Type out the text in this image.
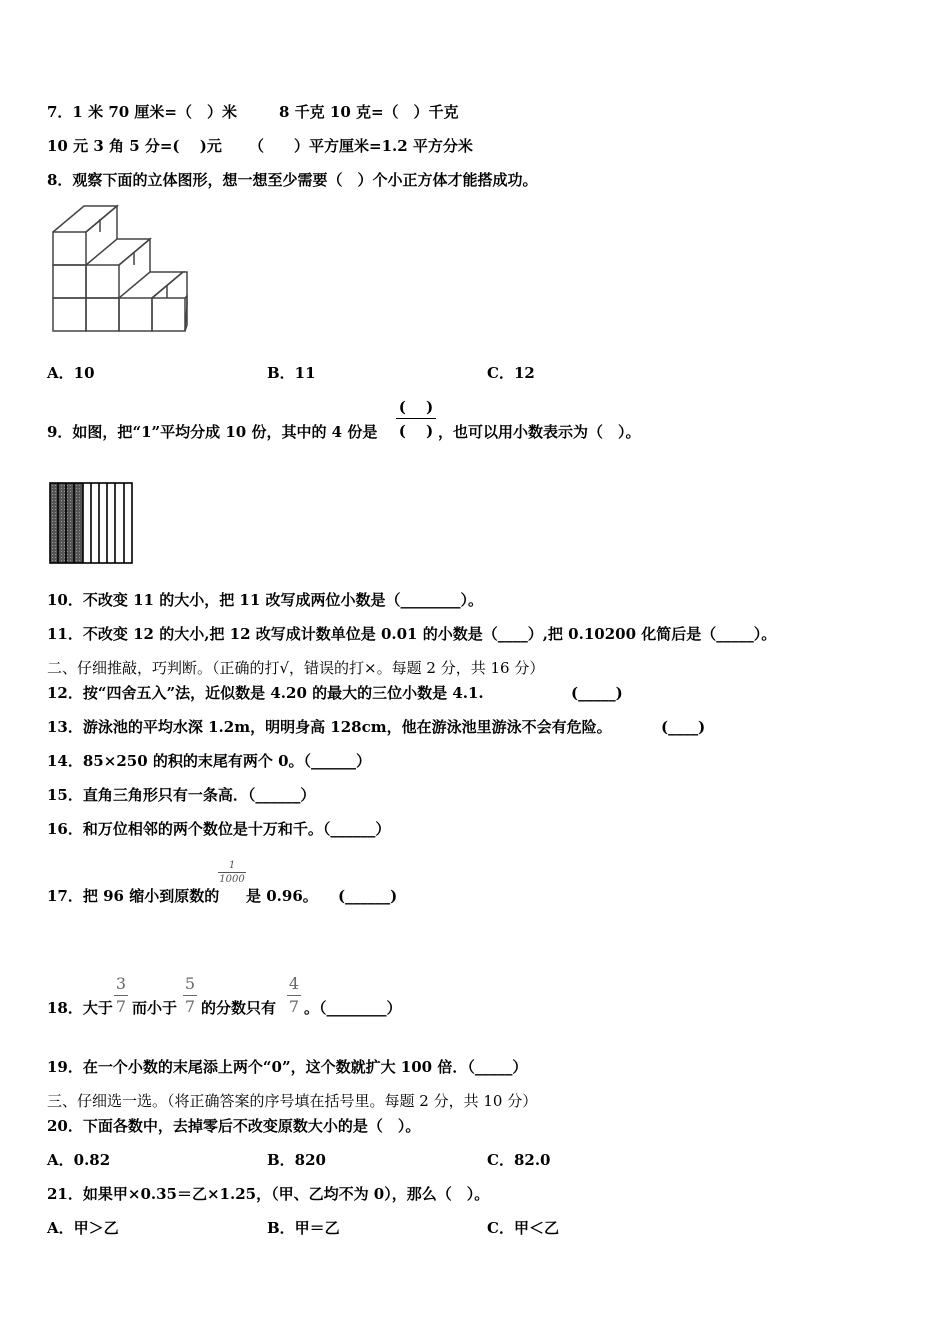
7．1 米 70 厘米=（　）米	8 千克 10 克=（　）千克
10 元 3 角 5 分=(　 )元 （　　）平方厘米=1.2 平方分米
8．观察下面的立体图形，想一想至少需要（　）个小正方体才能搭成功。
A．10	B．11	C．12
9．如图，把“1”平均分成 10 份，其中的 4 份是
(　 )
(　 ) ，也可以用小数表示为（　）。
10．不改变 11 的大小，把 11 改写成两位小数是（________）。
11．不改变 12 的大小,把 12 改写成计数单位是 0.01 的小数是（____）,把 0.10200 化简后是（_____）。
二、仔细推敲，巧判断。（正确的打√，错误的打×。每题 2 分，共 16 分）
12．按“四舍五入”法，近似数是 4.20 的最大的三位小数是 4.1.	(_____)
13．游泳池的平均水深 1.2m，明明身高 128cm，他在游泳池里游泳不会有危险。	(____)
14．85×250 的积的末尾有两个 0。（______）
15．直角三角形只有一条高．（______）
16．和万位相邻的两个数位是十万和千。（______）
17．把 96 缩小到原数的
1
1000
是 0.96。 (______)
18．大于
3
7 而小于
5
7 的分数只有
4
7 。（________）
19．在一个小数的末尾添上两个“0”，这个数就扩大 100 倍．（_____）
三、仔细选一选。（将正确答案的序号填在括号里。每题 2 分，共 10 分）
20．下面各数中，去掉零后不改变原数大小的是（　）。
A．0.82	B．820	C．82.0
21．如果甲×0.35＝乙×1.25，（甲、乙均不为 0），那么（　）。
A．甲＞乙	B．甲＝乙	C．甲＜乙
